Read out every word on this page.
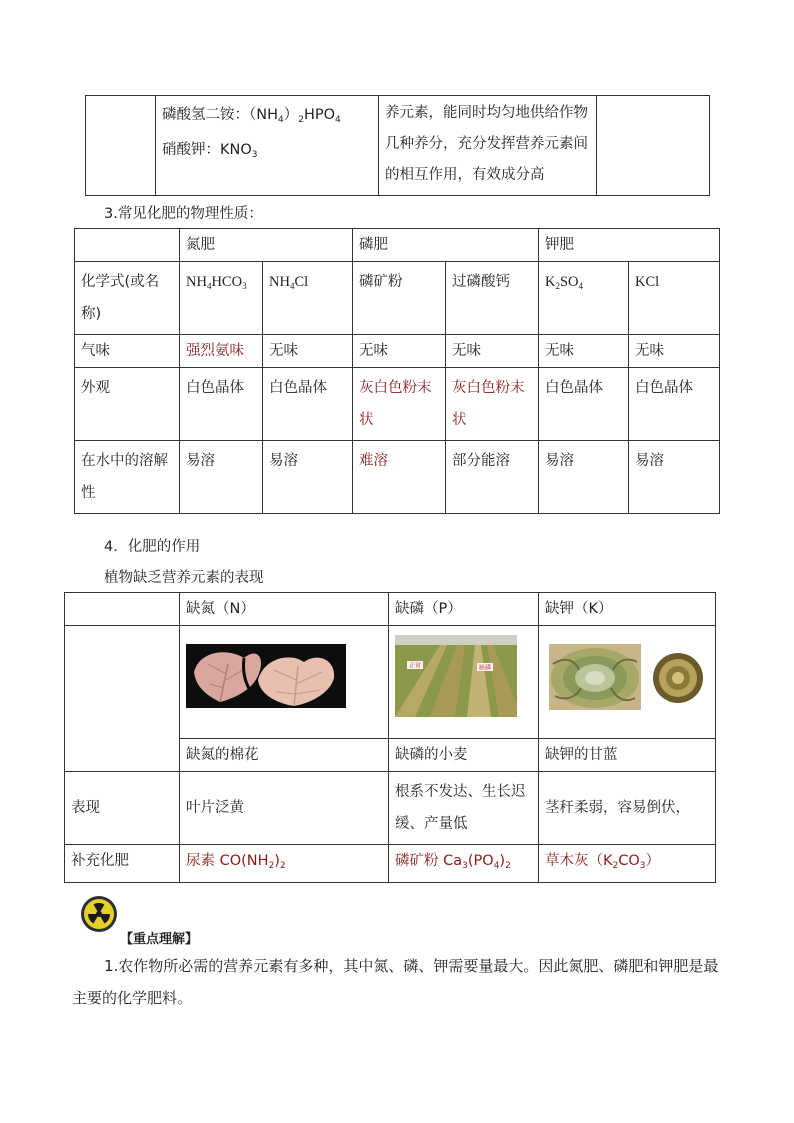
磷酸氢二铵：$(NH_4)_2HPO_4$
硝酸钾：$KNO_3$
	养元素，能同时均匀地供给作物几种养分，充分发挥营养元素间的相互作用，有效成分高	
3.常见化肥的物理性质：
	氮肥		磷肥		钾肥	
化学式(或名称)	$NH_4HCO_3$	$NH_4Cl$	磷矿粉	过磷酸钙	$K_2SO_4$	KCl
气味	强烈氨味	无味	无味	无味	无味	无味
外观	白色晶体	白色晶体	灰白色粉末状	灰白色粉末状	白色晶体	白色晶体
在水中的溶解性	易溶	易溶	难溶	部分能溶	易溶	易溶
4．化肥的作用
植物缺乏营养元素的表现
	缺氮（N）	缺磷（P）	缺钾（K）

正常 缺磷

	缺氮的棉花	缺磷的小麦	缺钾的甘蓝
表现	叶片泛黄	根系不发达、生长迟缓、产量低	茎秆柔弱，容易倒伏，
补充化肥	尿素 $CO(NH_2)_2$	磷矿粉 $Ca_3(PO_4)_2$	草木灰$(K_2CO_3)$
【重点理解】
1.农作物所必需的营养元素有多种，其中氮、磷、钾需要量最大。因此氮肥、磷肥和钾肥是最主要的化学肥料。
